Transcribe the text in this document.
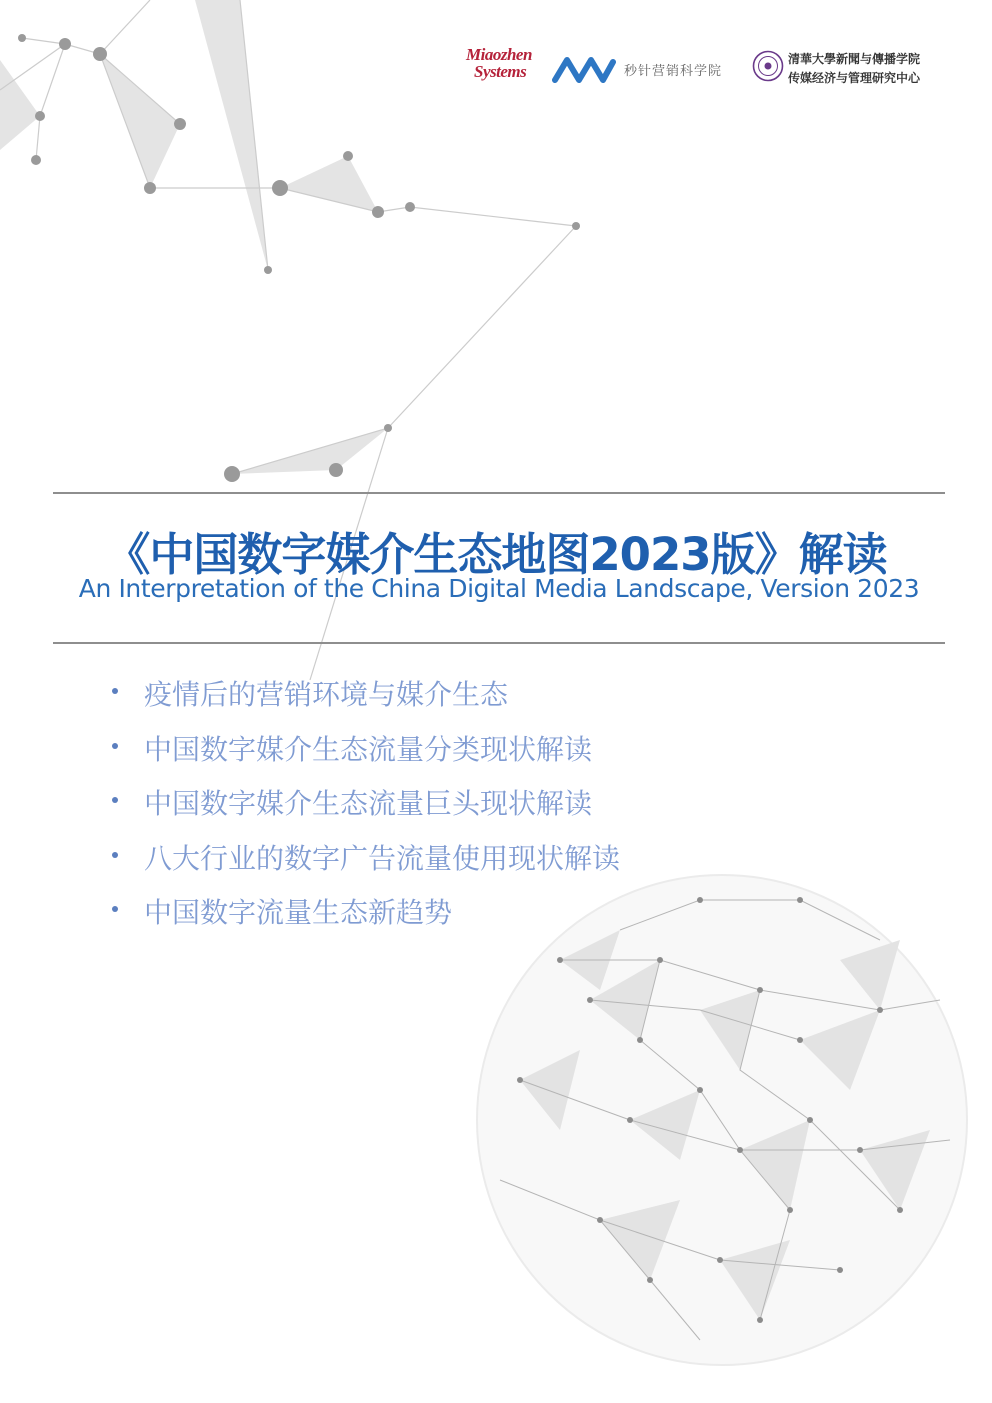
Miaozhen
Systems	秒针营销科学院
清華大學新聞与傳播学院
传媒经济与管理研究中心
《中国数字媒介生态地图2023版》解读
An Interpretation of the China Digital Media Landscape, Version 2023
疫情后的营销环境与媒介生态
中国数字媒介生态流量分类现状解读
中国数字媒介生态流量巨头现状解读
八大行业的数字广告流量使用现状解读
中国数字流量生态新趋势
